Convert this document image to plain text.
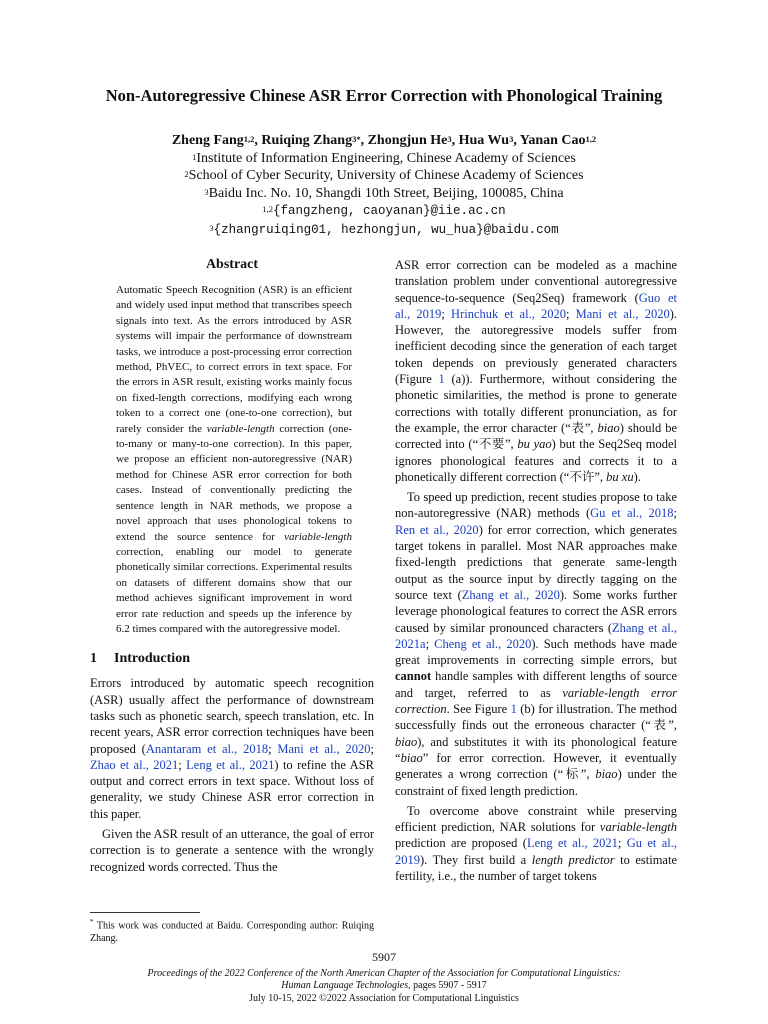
Non-Autoregressive Chinese ASR Error Correction with Phonological Training
Zheng Fang$^{1,2}$, Ruiqing Zhang$^{3*}$, Zhongjun He$^3$, Hua Wu$^3$, Yanan Cao$^{1,2}$
$^1$Institute of Information Engineering, Chinese Academy of Sciences
$^2$School of Cyber Security, University of Chinese Academy of Sciences
$^3$Baidu Inc. No. 10, Shangdi 10th Street, Beijing, 100085, China
$^{1,2}${fangzheng, caoyanan}@iie.ac.cn
$^3${zhangruiqing01, hezhongjun, wu_hua}@baidu.com
Abstract

Automatic Speech Recognition (ASR) is an efficient and widely used input method that transcribes speech signals into text. As the errors introduced by ASR systems will impair the performance of downstream tasks, we introduce a post-processing error correction method, PhVEC, to correct errors in text space. For the errors in ASR result, existing works mainly focus on fixed-length corrections, modifying each wrong token to a correct one (one-to-one correction), but rarely consider the variable-length correction (one-to-many or many-to-one correction). In this paper, we propose an efficient non-autoregressive (NAR) method for Chinese ASR error correction for both cases. Instead of conventionally predicting the sentence length in NAR methods, we propose a novel approach that uses phonological tokens to extend the source sentence for variable-length correction, enabling our model to generate phonetically similar corrections. Experimental results on datasets of different domains show that our method achieves significant improvement in word error rate reduction and speeds up the inference by 6.2 times compared with the autoregressive model.

1 Introduction

Errors introduced by automatic speech recognition (ASR) usually affect the performance of downstream tasks such as phonetic search, speech translation, etc. In recent years, ASR error correction techniques have been proposed (Anantaram et al., 2018; Mani et al., 2020; Zhao et al., 2021; Leng et al., 2021) to refine the ASR output and correct errors in text space. Without loss of generality, we study Chinese ASR error correction in this paper.

Given the ASR result of an utterance, the goal of error correction is to generate a sentence with the wrongly recognized words corrected. Thus the

ASR error correction can be modeled as a machine translation problem under conventional autoregressive sequence-to-sequence (Seq2Seq) framework (Guo et al., 2019; Hrinchuk et al., 2020; Mani et al., 2020). However, the autoregressive models suffer from inefficient decoding since the generation of each target token depends on previously generated characters (Figure 1 (a)). Furthermore, without considering the phonetic similarities, the method is prone to generate corrections with totally different pronunciation, as for the example, the error character (“表”, biao) should be corrected into (“不要”, bu yao) but the Seq2Seq model ignores phonological features and corrects it to a phonetically different correction (“不许”, bu xu).

To speed up prediction, recent studies propose to take non-autoregressive (NAR) methods (Gu et al., 2018; Ren et al., 2020) for error correction, which generates target tokens in parallel. Most NAR approaches make fixed-length predictions that generate same-length output as the source input by directly tagging on the source text (Zhang et al., 2020). Some works further leverage phonological features to correct the ASR errors caused by similar pronounced characters (Zhang et al., 2021a; Cheng et al., 2020). Such methods have made great improvements in correcting simple errors, but cannot handle samples with different lengths of source and target, referred to as variable-length error correction. See Figure 1 (b) for illustration. The method successfully finds out the erroneous character (“表”, biao), and substitutes it with its phonological feature “biao” for error correction. However, it eventually generates a wrong correction (“标”, biao) under the constraint of fixed length prediction.

To overcome above constraint while preserving efficient prediction, NAR solutions for variable-length prediction are proposed (Leng et al., 2021; Gu et al., 2019). They first build a length predictor to estimate fertility, i.e., the number of target tokens

* This work was conducted at Baidu. Corresponding author: Ruiqing Zhang.
5907
Proceedings of the 2022 Conference of the North American Chapter of the Association for Computational Linguistics:
Human Language Technologies, pages 5907 - 5917
July 10-15, 2022 ©2022 Association for Computational Linguistics
